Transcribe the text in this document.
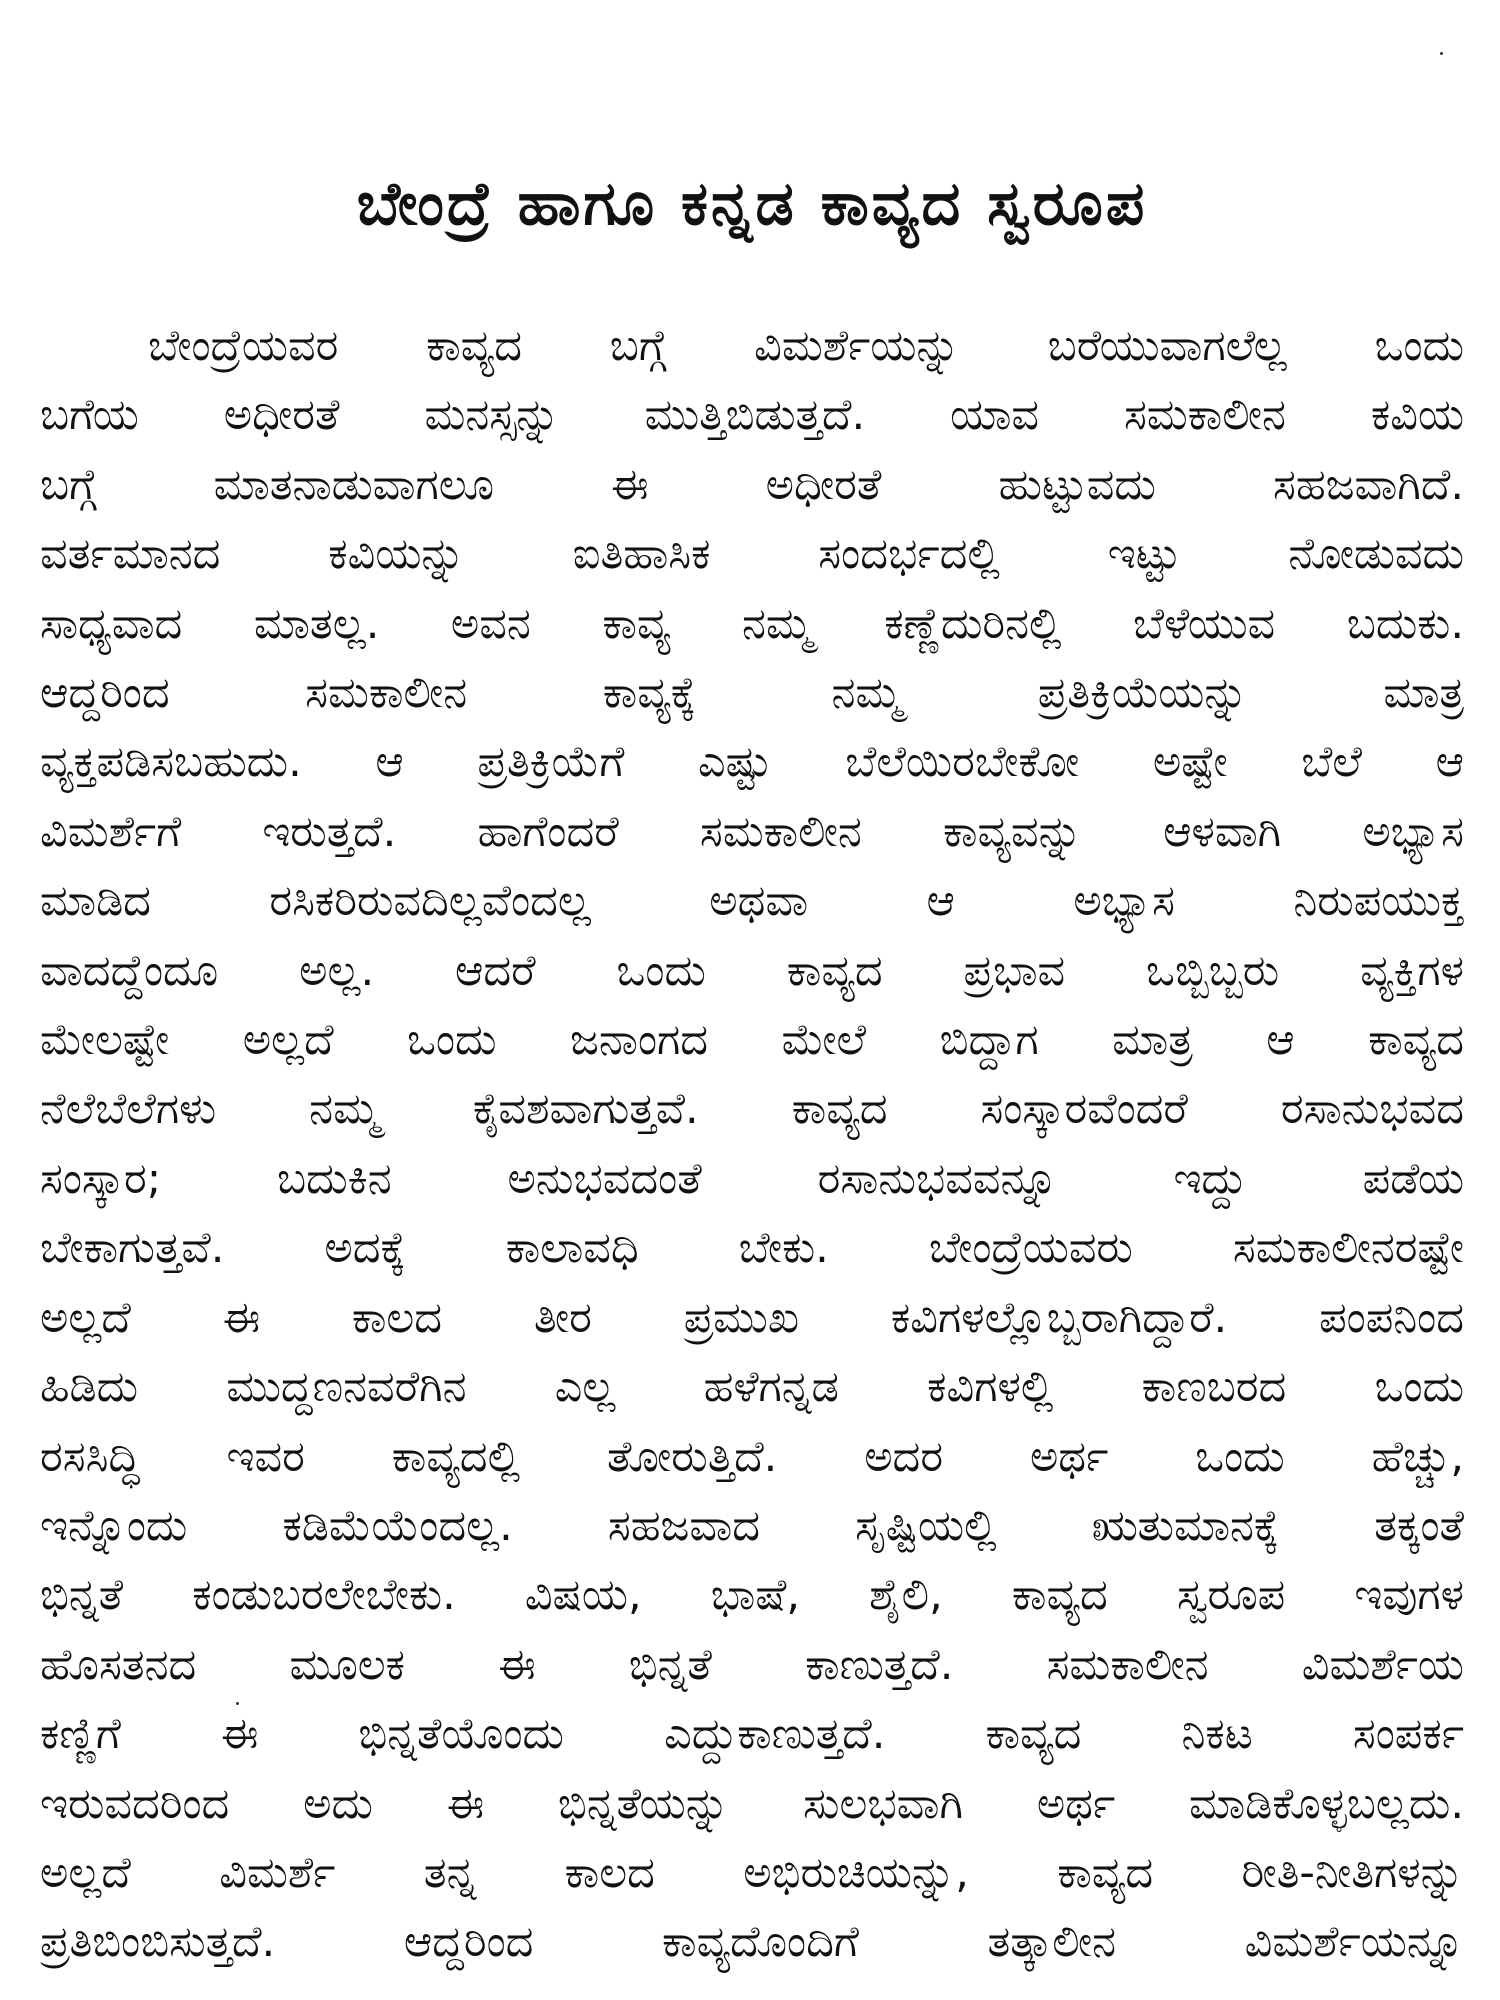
ಬೇಂದ್ರೆ ಹಾಗೂ ಕನ್ನಡ ಕಾವ್ಯದ ಸ್ವರೂಪ
ಬೇಂದ್ರೆಯವರ ಕಾವ್ಯದ ಬಗ್ಗೆ ವಿಮರ್ಶೆಯನ್ನು ಬರೆಯುವಾಗಲೆಲ್ಲ ಒಂದು
ಬಗೆಯ ಅಧೀರತೆ ಮನಸ್ಸನ್ನು ಮುತ್ತಿಬಿಡುತ್ತದೆ. ಯಾವ ಸಮಕಾಲೀನ ಕವಿಯ
ಬಗ್ಗೆ ಮಾತನಾಡುವಾಗಲೂ ಈ ಅಧೀರತೆ ಹುಟ್ಟುವದು ಸಹಜವಾಗಿದೆ.
ವರ್ತಮಾನದ ಕವಿಯನ್ನು ಐತಿಹಾಸಿಕ ಸಂದರ್ಭದಲ್ಲಿ ಇಟ್ಟು ನೋಡುವದು
ಸಾಧ್ಯವಾದ ಮಾತಲ್ಲ. ಅವನ ಕಾವ್ಯ ನಮ್ಮ ಕಣ್ಣೆದುರಿನಲ್ಲಿ ಬೆಳೆಯುವ ಬದುಕು.
ಆದ್ದರಿಂದ ಸಮಕಾಲೀನ ಕಾವ್ಯಕ್ಕೆ ನಮ್ಮ ಪ್ರತಿಕ್ರಿಯೆಯನ್ನು ಮಾತ್ರ
ವ್ಯಕ್ತಪಡಿಸಬಹುದು. ಆ ಪ್ರತಿಕ್ರಿಯೆಗೆ ಎಷ್ಟು ಬೆಲೆಯಿರಬೇಕೋ ಅಷ್ಟೇ ಬೆಲೆ ಆ
ವಿಮರ್ಶೆಗೆ ಇರುತ್ತದೆ. ಹಾಗೆಂದರೆ ಸಮಕಾಲೀನ ಕಾವ್ಯವನ್ನು ಆಳವಾಗಿ ಅಭ್ಯಾಸ
ಮಾಡಿದ ರಸಿಕರಿರುವದಿಲ್ಲವೆಂದಲ್ಲ ಅಥವಾ ಆ ಅಭ್ಯಾಸ ನಿರುಪಯುಕ್ತ
ವಾದದ್ದೆಂದೂ ಅಲ್ಲ. ಆದರೆ ಒಂದು ಕಾವ್ಯದ ಪ್ರಭಾವ ಒಬ್ಬಿಬ್ಬರು ವ್ಯಕ್ತಿಗಳ
ಮೇಲಷ್ಟೇ ಅಲ್ಲದೆ ಒಂದು ಜನಾಂಗದ ಮೇಲೆ ಬಿದ್ದಾಗ ಮಾತ್ರ ಆ ಕಾವ್ಯದ
ನೆಲೆಬೆಲೆಗಳು ನಮ್ಮ ಕೈವಶವಾಗುತ್ತವೆ. ಕಾವ್ಯದ ಸಂಸ್ಕಾರವೆಂದರೆ ರಸಾನುಭವದ
ಸಂಸ್ಕಾರ; ಬದುಕಿನ ಅನುಭವದಂತೆ ರಸಾನುಭವವನ್ನೂ ಇದ್ದು ಪಡೆಯ
ಬೇಕಾಗುತ್ತವೆ. ಅದಕ್ಕೆ ಕಾಲಾವಧಿ ಬೇಕು. ಬೇಂದ್ರೆಯವರು ಸಮಕಾಲೀನರಷ್ಟೇ
ಅಲ್ಲದೆ ಈ ಕಾಲದ ತೀರ ಪ್ರಮುಖ ಕವಿಗಳಲ್ಲೊಬ್ಬರಾಗಿದ್ದಾರೆ. ಪಂಪನಿಂದ
ಹಿಡಿದು ಮುದ್ದಣನವರೆಗಿನ ಎಲ್ಲ ಹಳೆಗನ್ನಡ ಕವಿಗಳಲ್ಲಿ ಕಾಣಬರದ ಒಂದು
ರಸಸಿದ್ಧಿ ಇವರ ಕಾವ್ಯದಲ್ಲಿ ತೋರುತ್ತಿದೆ. ಅದರ ಅರ್ಥ ಒಂದು ಹೆಚ್ಚು,
ಇನ್ನೊಂದು ಕಡಿಮೆಯೆಂದಲ್ಲ. ಸಹಜವಾದ ಸೃಷ್ಟಿಯಲ್ಲಿ ಋತುಮಾನಕ್ಕೆ ತಕ್ಕಂತೆ
ಭಿನ್ನತೆ ಕಂಡುಬರಲೇಬೇಕು. ವಿಷಯ, ಭಾಷೆ, ಶೈಲಿ, ಕಾವ್ಯದ ಸ್ವರೂಪ ಇವುಗಳ
ಹೊಸತನದ ಮೂಲಕ ಈ ಭಿನ್ನತೆ ಕಾಣುತ್ತದೆ. ಸಮಕಾಲೀನ ವಿಮರ್ಶೆಯ
ಕಣ್ಣಿಗೆ ಈ ಭಿನ್ನತೆಯೊಂದು ಎದ್ದುಕಾಣುತ್ತದೆ. ಕಾವ್ಯದ ನಿಕಟ ಸಂಪರ್ಕ
ಇರುವದರಿಂದ ಅದು ಈ ಭಿನ್ನತೆಯನ್ನು ಸುಲಭವಾಗಿ ಅರ್ಥ ಮಾಡಿಕೊಳ್ಳಬಲ್ಲದು.
ಅಲ್ಲದೆ ವಿಮರ್ಶೆ ತನ್ನ ಕಾಲದ ಅಭಿರುಚಿಯನ್ನು, ಕಾವ್ಯದ ರೀತಿ-ನೀತಿಗಳನ್ನು
ಪ್ರತಿಬಿಂಬಿಸುತ್ತದೆ. ಆದ್ದರಿಂದ ಕಾವ್ಯದೊಂದಿಗೆ ತತ್ಕಾಲೀನ ವಿಮರ್ಶೆಯನ್ನೂ
